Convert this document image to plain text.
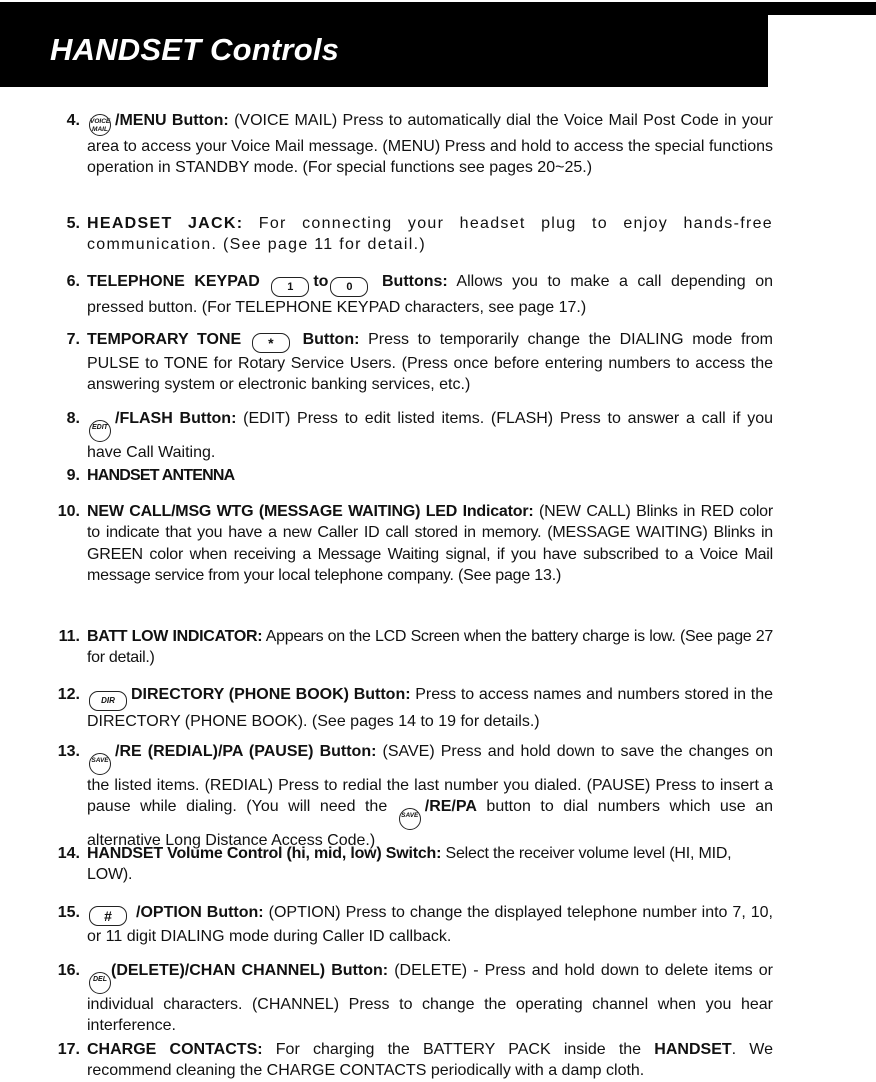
HANDSET Controls
4.	VOICE MAIL/MENU Button: (VOICE MAIL) Press to automatically dial the Voice Mail Post Code in your area to access your Voice Mail message. (MENU) Press and hold to access the special functions operation in STANDBY mode. (For special functions see pages 20~25.)
5. HEADSET JACK: For connecting your headset plug to enjoy hands-free communication. (See page 11 for detail.)
6. TELEPHONE KEYPAD 1 to 0 Buttons: Allows you to make a call depending on pressed button. (For TELEPHONE KEYPAD characters, see page 17.)
7. TEMPORARY TONE * Button: Press to temporarily change the DIALING mode from PULSE to TONE for Rotary Service Users. (Press once before entering numbers to access the answering system or electronic banking services, etc.)
8.
EDIT/FLASH Button: (EDIT) Press to edit listed items. (FLASH) Press to answer a call if you have Call Waiting.
9. HANDSET ANTENNA
10. NEW CALL/MSG WTG (MESSAGE WAITING) LED Indicator: (NEW CALL) Blinks in RED color to indicate that you have a new Caller ID call stored in memory. (MESSAGE WAITING) Blinks in GREEN color when receiving a Message Waiting signal, if you have subscribed to a Voice Mail message service from your local telephone company. (See page 13.)
11. BATT LOW INDICATOR: Appears on the LCD Screen when the battery charge is low. (See page 27 for detail.)
12.	DIR DIRECTORY (PHONE BOOK) Button: Press to access names and numbers stored in the DIRECTORY (PHONE BOOK). (See pages 14 to 19 for details.)
13.
SAVE/RE (REDIAL)/PA (PAUSE) Button: (SAVE) Press and hold down to save the changes on the listed items. (REDIAL) Press to redial the last number you dialed. (PAUSE) Press to insert a pause while dialing. (You will need the SAVE/RE/PA button to dial numbers which use an alternative Long Distance Access Code.)
14. HANDSET Volume Control (hi, mid, low) Switch: Select the receiver volume level (HI, MID, LOW).
15.	# /OPTION Button: (OPTION) Press to change the displayed telephone number into 7, 10, or 11 digit DIALING mode during Caller ID callback.
16.
DEL(DELETE)/CHAN CHANNEL) Button: (DELETE) - Press and hold down to delete items or individual characters. (CHANNEL) Press to change the operating channel when you hear interference.
17. CHARGE CONTACTS: For charging the BATTERY PACK inside the HANDSET. We recommend cleaning the CHARGE CONTACTS periodically with a damp cloth.
